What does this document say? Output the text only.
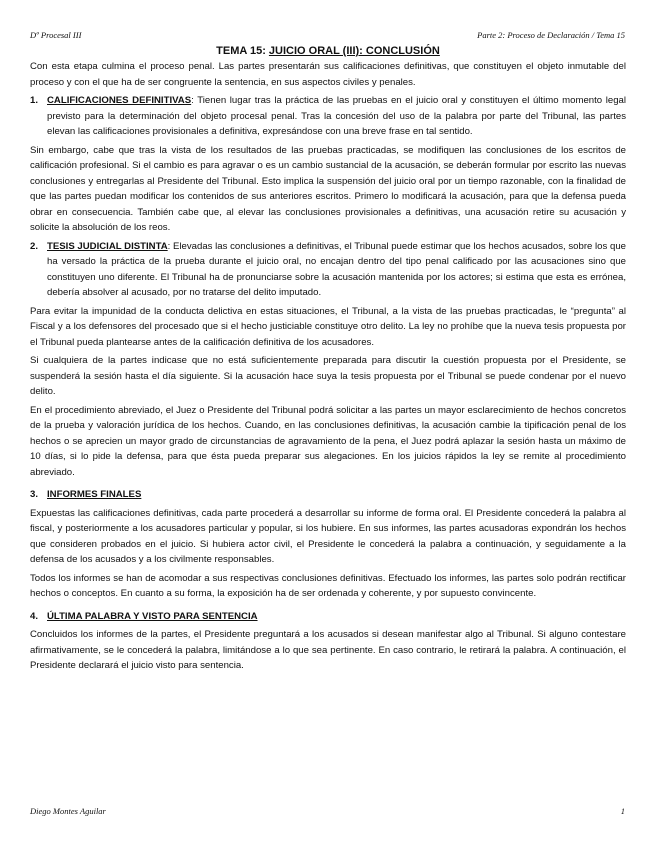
Dº Procesal III	Parte 2: Proceso de Declaración / Tema 15
TEMA 15: JUICIO ORAL (III): CONCLUSIÓN

Con esta etapa culmina el proceso penal. Las partes presentarán sus calificaciones definitivas, que constituyen el objeto inmutable del proceso y con el que ha de ser congruente la sentencia, en sus aspectos civiles y penales.

1. CALIFICACIONES DEFINITIVAS: Tienen lugar tras la práctica de las pruebas en el juicio oral y constituyen el último momento legal previsto para la determinación del objeto procesal penal. Tras la concesión del uso de la palabra por parte del Tribunal, las partes elevan las calificaciones provisionales a definitiva, expresándose con una breve frase en tal sentido.

Sin embargo, cabe que tras la vista de los resultados de las pruebas practicadas, se modifiquen las conclusiones de los escritos de calificación profesional. Si el cambio es para agravar o es un cambio sustancial de la acusación, se deberán formular por escrito las nuevas conclusiones y entregarlas al Presidente del Tribunal. Esto implica la suspensión del juicio oral por un tiempo razonable, con la finalidad de que las partes puedan modificar los contenidos de sus anteriores escritos. Primero lo modificará la acusación, para que la defensa pueda obrar en consecuencia. También cabe que, al elevar las conclusiones provisionales a definitivas, una acusación retire su acusación y solicite la absolución de los reos.

2. TESIS JUDICIAL DISTINTA: Elevadas las conclusiones a definitivas, el Tribunal puede estimar que los hechos acusados, sobre los que ha versado la práctica de la prueba durante el juicio oral, no encajan dentro del tipo penal calificado por las acusaciones sino que constituyen uno diferente. El Tribunal ha de pronunciarse sobre la acusación mantenida por los actores; si estima que esta es errónea, debería absolver al acusado, por no tratarse del delito imputado.

Para evitar la impunidad de la conducta delictiva en estas situaciones, el Tribunal, a la vista de las pruebas practicadas, le “pregunta” al Fiscal y a los defensores del procesado que si el hecho justiciable constituye otro delito. La ley no prohíbe que la nueva tesis propuesta por el Tribunal pueda plantearse antes de la calificación definitiva de los acusadores.

Si cualquiera de la partes indicase que no está suficientemente preparada para discutir la cuestión propuesta por el Presidente, se suspenderá la sesión hasta el día siguiente. Si la acusación hace suya la tesis propuesta por el Tribunal se puede condenar por el nuevo delito.

En el procedimiento abreviado, el Juez o Presidente del Tribunal podrá solicitar a las partes un mayor esclarecimiento de hechos concretos de la prueba y valoración jurídica de los hechos. Cuando, en las conclusiones definitivas, la acusación cambie la tipificación penal de los hechos o se aprecien un mayor grado de circunstancias de agravamiento de la pena, el Juez podrá aplazar la sesión hasta un máximo de 10 días, si lo pide la defensa, para que ésta pueda preparar sus alegaciones. En los juicios rápidos la ley se remite al procedimiento abreviado.

3. INFORMES FINALES

Expuestas las calificaciones definitivas, cada parte procederá a desarrollar su informe de forma oral. El Presidente concederá la palabra al fiscal, y posteriormente a los acusadores particular y popular, si los hubiere. En sus informes, las partes acusadoras expondrán los hechos que consideren probados en el juicio. Si hubiera actor civil, el Presidente le concederá la palabra a continuación, y seguidamente a la defensa de los acusados y a los civilmente responsables.

Todos los informes se han de acomodar a sus respectivas conclusiones definitivas. Efectuado los informes, las partes solo podrán rectificar hechos o conceptos. En cuanto a su forma, la exposición ha de ser ordenada y coherente, y por supuesto convincente.

4. ÚLTIMA PALABRA Y VISTO PARA SENTENCIA

Concluidos los informes de la partes, el Presidente preguntará a los acusados si desean manifestar algo al Tribunal. Si alguno contestare afirmativamente, se le concederá la palabra, limitándose a lo que sea pertinente. En caso contrario, le retirará la palabra. A continuación, el Presidente declarará el juicio visto para sentencia.

Diego Montes Aguilar	1
